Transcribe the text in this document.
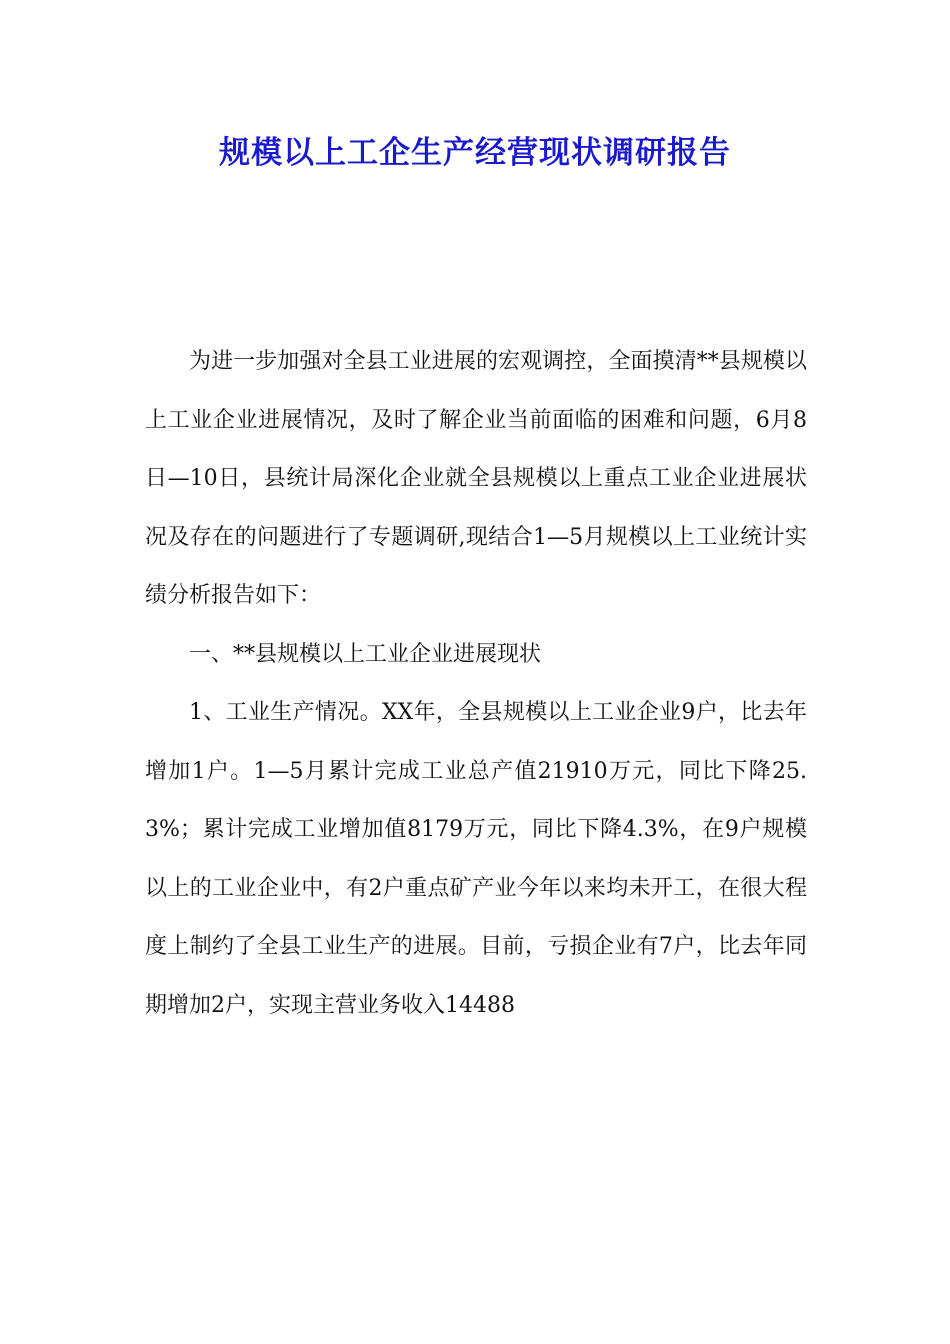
规模以上工企生产经营现状调研报告

为进一步加强对全县工业进展的宏观调控，全面摸清**县规模以上工业企业进展情况，及时了解企业当前面临的困难和问题，6月8日—10日，县统计局深化企业就全县规模以上重点工业企业进展状况及存在的问题进行了专题调研,现结合1—5月规模以上工业统计实绩分析报告如下：

一、**县规模以上工业企业进展现状

1、工业生产情况。XX年，全县规模以上工业企业9户，比去年增加1户。1—5月累计完成工业总产值21910万元，同比下降25.3%；累计完成工业增加值8179万元，同比下降4.3%，在9户规模以上的工业企业中，有2户重点矿产业今年以来均未开工，在很大程度上制约了全县工业生产的进展。目前，亏损企业有7户，比去年同期增加2户，实现主营业务收入14488
